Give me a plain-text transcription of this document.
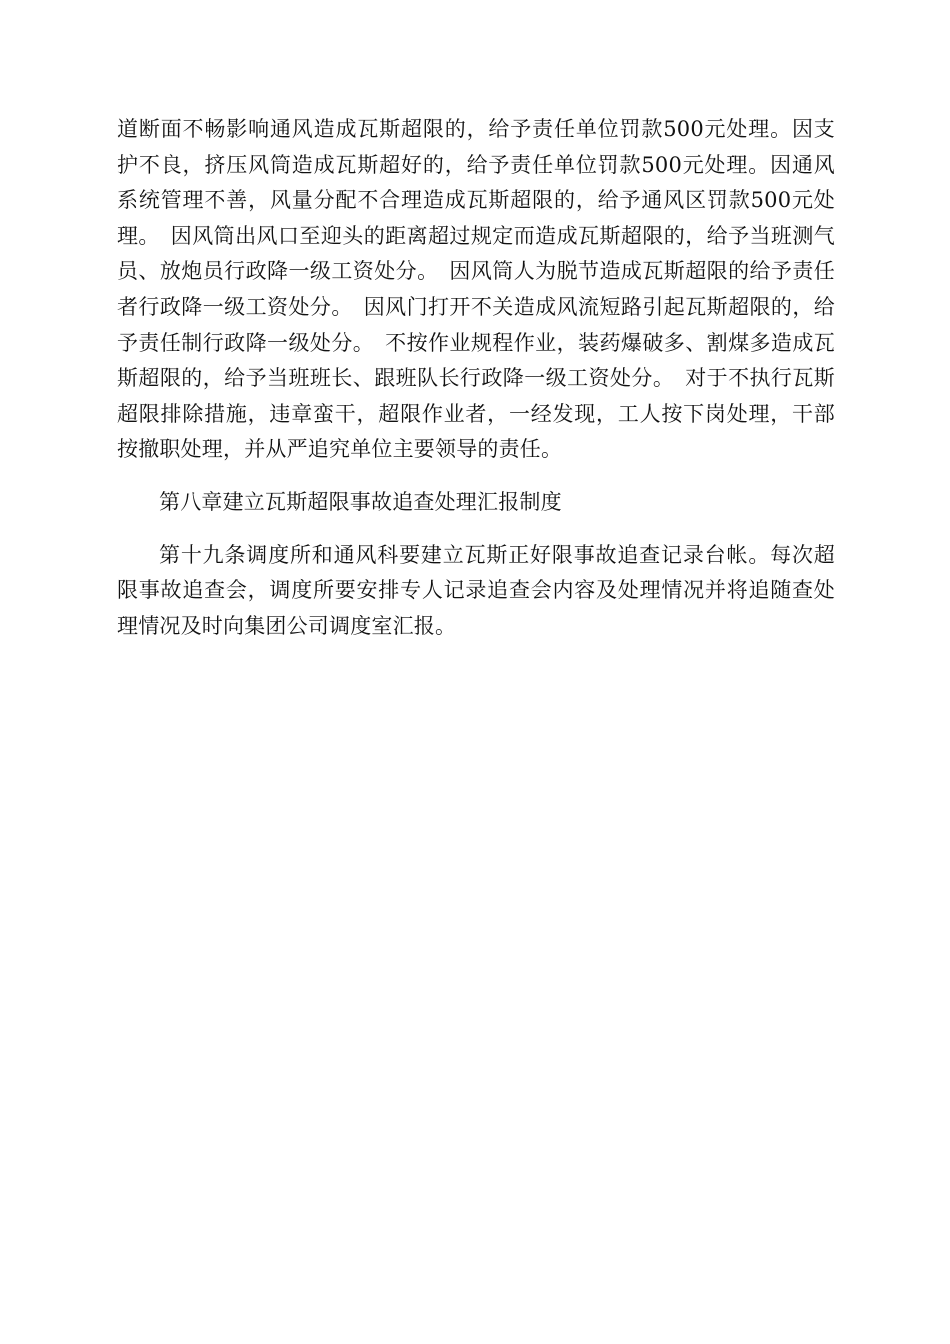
道断面不畅影响通风造成瓦斯超限的，给予责任单位罚款500元处理。因支护不良，挤压风筒造成瓦斯超好的，给予责任单位罚款500元处理。因通风系统管理不善，风量分配不合理造成瓦斯超限的，给予通风区罚款500元处理。　因风筒出风口至迎头的距离超过规定而造成瓦斯超限的，给予当班测气员、放炮员行政降一级工资处分。　因风筒人为脱节造成瓦斯超限的给予责任者行政降一级工资处分。　因风门打开不关造成风流短路引起瓦斯超限的，给予责任制行政降一级处分。　不按作业规程作业，装药爆破多、割煤多造成瓦斯超限的，给予当班班长、跟班队长行政降一级工资处分。　对于不执行瓦斯超限排除措施，违章蛮干，超限作业者，一经发现，工人按下岗处理，干部按撤职处理，并从严追究单位主要领导的责任。

第八章建立瓦斯超限事故追查处理汇报制度

第十九条调度所和通风科要建立瓦斯正好限事故追查记录台帐。每次超限事故追查会，调度所要安排专人记录追查会内容及处理情况并将追随查处理情况及时向集团公司调度室汇报。
